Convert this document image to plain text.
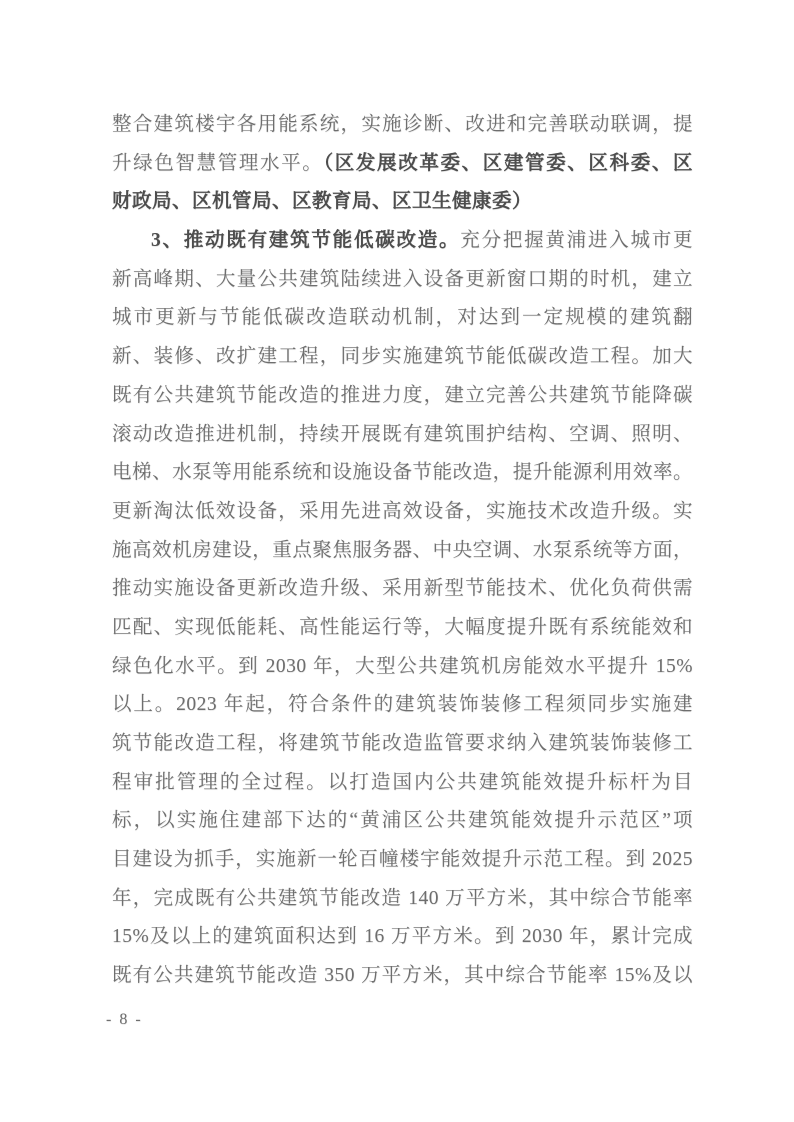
整合建筑楼宇各用能系统，实施诊断、改进和完善联动联调，提
升绿色智慧管理水平。（区发展改革委、区建管委、区科委、区
财政局、区机管局、区教育局、区卫生健康委）
3、推动既有建筑节能低碳改造。充分把握黄浦进入城市更
新高峰期、大量公共建筑陆续进入设备更新窗口期的时机，建立
城市更新与节能低碳改造联动机制，对达到一定规模的建筑翻
新、装修、改扩建工程，同步实施建筑节能低碳改造工程。加大
既有公共建筑节能改造的推进力度，建立完善公共建筑节能降碳
滚动改造推进机制，持续开展既有建筑围护结构、空调、照明、
电梯、水泵等用能系统和设施设备节能改造，提升能源利用效率。
更新淘汰低效设备，采用先进高效设备，实施技术改造升级。实
施高效机房建设，重点聚焦服务器、中央空调、水泵系统等方面，
推动实施设备更新改造升级、采用新型节能技术、优化负荷供需
匹配、实现低能耗、高性能运行等，大幅度提升既有系统能效和
绿色化水平。到 2030 年，大型公共建筑机房能效水平提升 15%
以上。2023 年起，符合条件的建筑装饰装修工程须同步实施建
筑节能改造工程，将建筑节能改造监管要求纳入建筑装饰装修工
程审批管理的全过程。以打造国内公共建筑能效提升标杆为目
标，以实施住建部下达的“黄浦区公共建筑能效提升示范区”项
目建设为抓手，实施新一轮百幢楼宇能效提升示范工程。到 2025
年，完成既有公共建筑节能改造 140 万平方米，其中综合节能率
15%及以上的建筑面积达到 16 万平方米。到 2030 年，累计完成
既有公共建筑节能改造 350 万平方米，其中综合节能率 15%及以
- 8 -
